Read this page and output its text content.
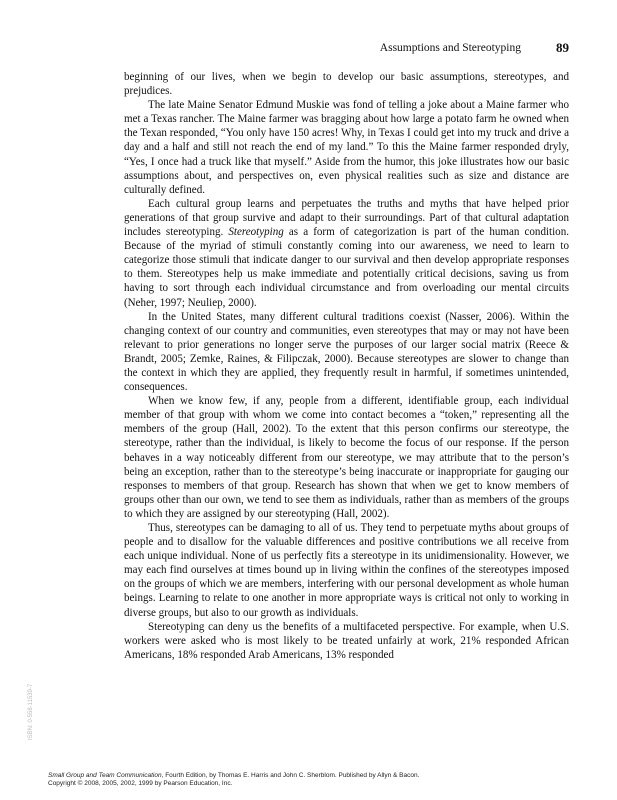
Assumptions and Stereotyping	89

beginning of our lives, when we begin to develop our basic assumptions, stereotypes, and prejudices.

The late Maine Senator Edmund Muskie was fond of telling a joke about a Maine farmer who met a Texas rancher. The Maine farmer was bragging about how large a potato farm he owned when the Texan responded, “You only have 150 acres! Why, in Texas I could get into my truck and drive a day and a half and still not reach the end of my land.” To this the Maine farmer responded dryly, “Yes, I once had a truck like that myself.” Aside from the humor, this joke illustrates how our basic assumptions about, and perspectives on, even physical realities such as size and distance are culturally defined.

Each cultural group learns and perpetuates the truths and myths that have helped prior generations of that group survive and adapt to their surroundings. Part of that cultural adaptation includes stereotyping. Stereotyping as a form of categorization is part of the human condition. Because of the myriad of stimuli constantly coming into our awareness, we need to learn to categorize those stimuli that indicate danger to our survival and then develop appropriate responses to them. Stereotypes help us make immediate and potentially critical decisions, saving us from having to sort through each individual circumstance and from overloading our mental circuits (Neher, 1997; Neuliep, 2000).

In the United States, many different cultural traditions coexist (Nasser, 2006). Within the changing context of our country and communities, even stereotypes that may or may not have been relevant to prior generations no longer serve the purposes of our larger social matrix (Reece & Brandt, 2005; Zemke, Raines, & Filipczak, 2000). Because stereotypes are slower to change than the context in which they are applied, they frequently result in harmful, if sometimes unintended, consequences.

When we know few, if any, people from a different, identifiable group, each individual member of that group with whom we come into contact becomes a “token,” representing all the members of the group (Hall, 2002). To the extent that this person confirms our stereotype, the stereotype, rather than the individual, is likely to become the focus of our response. If the person behaves in a way noticeably different from our stereotype, we may attribute that to the person’s being an exception, rather than to the stereotype’s being inaccurate or inappropriate for gauging our responses to members of that group. Research has shown that when we get to know members of groups other than our own, we tend to see them as individuals, rather than as members of the groups to which they are assigned by our stereotyping (Hall, 2002).

Thus, stereotypes can be damaging to all of us. They tend to perpetuate myths about groups of people and to disallow for the valuable differences and positive contributions we all receive from each unique individual. None of us perfectly fits a stereotype in its unidimensionality. However, we may each find ourselves at times bound up in living within the confines of the stereotypes imposed on the groups of which we are members, interfering with our personal development as whole human beings. Learning to relate to one another in more appropriate ways is critical not only to working in diverse groups, but also to our growth as individuals.

Stereotyping can deny us the benefits of a multifaceted perspective. For example, when U.S. workers were asked who is most likely to be treated unfairly at work, 21% responded African Americans, 18% responded Arab Americans, 13% responded

ISBN: 0-558-11539-7
Small Group and Team Communication, Fourth Edition, by Thomas E. Harris and John C. Sherblom. Published by Allyn & Bacon.
Copyright © 2008, 2005, 2002, 1999 by Pearson Education, Inc.
